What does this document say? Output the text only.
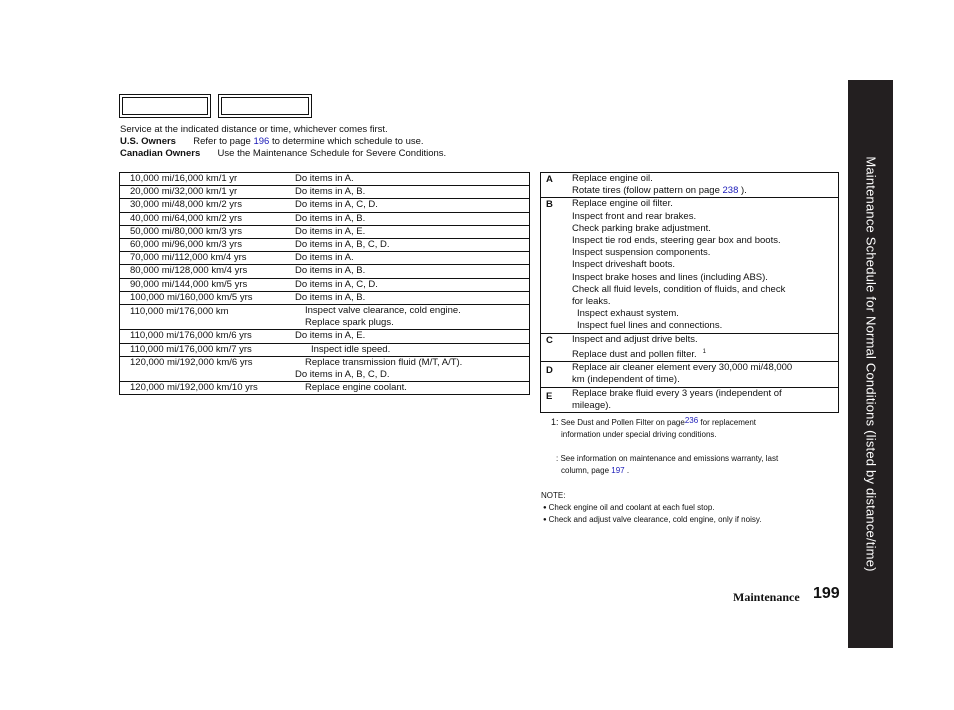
Service at the indicated distance or time, whichever comes first.
U.S. Owners Refer to page 196 to determine which schedule to use.
Canadian Owners Use the Maintenance Schedule for Severe Conditions.
10,000 mi/16,000 km/1 yr	Do items in A.
20,000 mi/32,000 km/1 yr	Do items in A, B.
30,000 mi/48,000 km/2 yrs	Do items in A, C, D.
40,000 mi/64,000 km/2 yrs	Do items in A, B.
50,000 mi/80,000 km/3 yrs	Do items in A, E.
60,000 mi/96,000 km/3 yrs	Do items in A, B, C, D.
70,000 mi/112,000 km/4 yrs	Do items in A.
80,000 mi/128,000 km/4 yrs	Do items in A, B.
90,000 mi/144,000 km/5 yrs	Do items in A, C, D.
100,000 mi/160,000 km/5 yrs	Do items in A, B.
110,000 mi/176,000 km	Inspect valve clearance, cold engine.
Replace spark plugs.
110,000 mi/176,000 km/6 yrs	Do items in A, E.
110,000 mi/176,000 km/7 yrs	Inspect idle speed.
120,000 mi/192,000 km/6 yrs	Replace transmission fluid (M/T, A/T).
Do items in A, B, C, D.
120,000 mi/192,000 km/10 yrs	Replace engine coolant.
A Replace engine oil.
Rotate tires (follow pattern on page 238 ).
B Replace engine oil filter.
Inspect front and rear brakes.
Check parking brake adjustment.
Inspect tie rod ends, steering gear box and boots.
Inspect suspension components.
Inspect driveshaft boots.
Inspect brake hoses and lines (including ABS).
Check all fluid levels, condition of fluids, and check
for leaks.
Inspect exhaust system.
Inspect fuel lines and connections.
C Inspect and adjust drive belts.
Replace dust and pollen filter. $^1$
D Replace air cleaner element every 30,000 mi/48,000
km (independent of time).
E Replace brake fluid every 3 years (independent of
mileage).
1: See Dust and Pollen Filter on page236 for replacement
information under special driving conditions.
: See information on maintenance and emissions warranty, last
column, page 197 .
NOTE:
● Check engine oil and coolant at each fuel stop.
● Check and adjust valve clearance, cold engine, only if noisy.
Maintenance 199
Maintenance Schedule for Normal Conditions (listed by distance/time)
